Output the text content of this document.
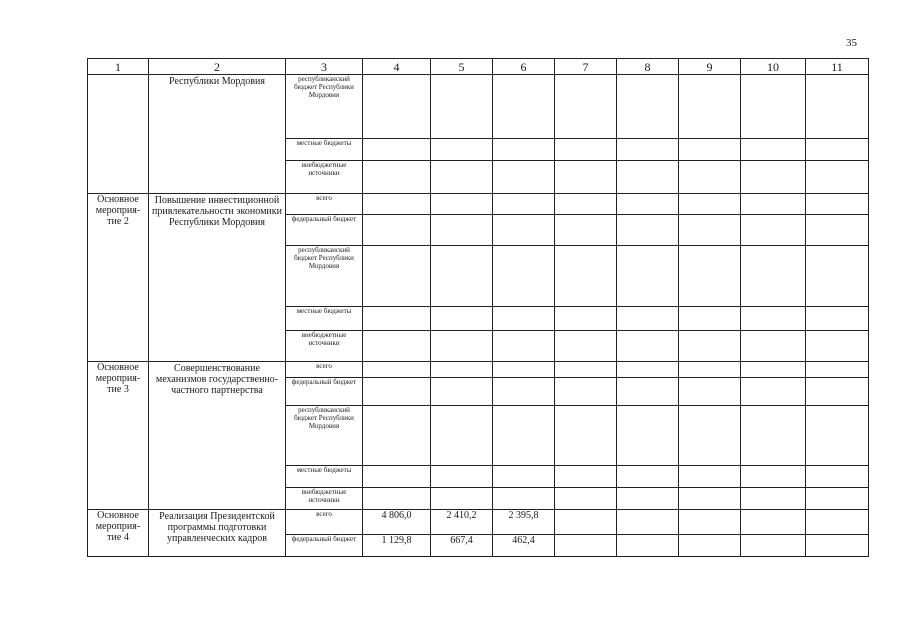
35
1	2	3	4	5	6	7	8	9	10	11

	Республики Мордовия	республиканский бюджет Республики Мордовия								

		местные бюджеты								

		внебюджетные источники								

Основное мероприя-тие 2	Повышение инвестиционной привлекательности экономики Республики Мордовия	всего								

		федеральный бюджет								

		республиканский бюджет Республики Мордовия								

		местные бюджеты								

		внебюджетные источники								

Основное мероприя-тие 3	Совершенствование механизмов государственно-частного партнерства	всего								

		федеральный бюджет								

		республиканский бюджет Республики Мордовия								

		местные бюджеты								

		внебюджетные источники								

Основное мероприя-тие 4	Реализация Президентской программы подготовки управленческих кадров	всего	4 806,0	2 410,2	2 395,8					

		федеральный бюджет	1 129,8	667,4	462,4					
